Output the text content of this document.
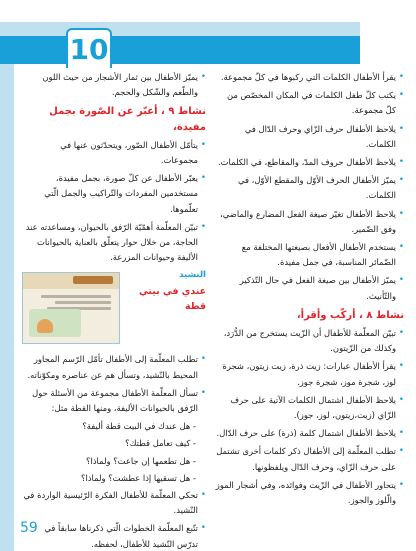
10
59
• يقرأ الأطفال الكلمات التي ركبوها في كلّ مجموعة.
• يكتب كلّ طفل الكلمات في المكان المخصّص من كلّ مجموعة.
• يلاحظ الأطفال حرف الزّاي وحرف الدّال في الكلمات.
• يلاحظ الأطفال حروف المدّ، والمقاطع، في الكلمات.
• يميّز الأطفال الحرف الأوّل والمقطع الأوّل، في الكلمات.
• يلاحظ الأطفال تغيّر صيغة الفعل المضارع والماضي، وفق الضّمير.
• يستخدم الأطفال الأفعال بصيغتها المختلفة مع الضّمائر المناسبة، في جمل مفيدة.
• يميّز الأطفال بين صيغة الفعل في حال التّذكير والتّأنيث.
نشاط ٨ ، أركّب وأقرأ،
• تبيّن المعلّمة للأطفال أن الزّيت يستخرج من الدُّرَد، وكذلك من الزّيتون.
• يقرأ الأطفال عبارات: زيت ذرة، زيت زيتون، شجرة لوز، شجرة موز، شجرة جوز.
• يلاحظ الأطفال اشتمال الكلمات الآتية على حرف الزّاي (زيت،زيتون، لوز، جوز).
• يلاحظ الأطفال اشتمال كلمة (ذرة) على حرف الدّال.
• تطلب المعلّمة إلى الأطفال ذكر كلمات أخرى تشتمل على حرف الزّاي، وحرف الدّال ويلفظونها.
• يتحاور الأطفال في الزّيت وفوائده، وفي أشجار الموز والّلوز والجوز.
• يميّز الأطفال بين ثمار الأشجار من حيث اللون والطّعم والشّكل والحجم.
نشاط ٩ ، أعبّر عن الصّورة بجمل مفيدة،
• يتأمّل الأطفال الصّور، ويتحدّثون عنها في مجموعات.
• يعبّر الأطفال عن كلّ صورة، بجمل مفيدة، مستخدمين المفردات والتّراكيب والجمل الّتي تعلّموها.
• تبيّن المعلّمة أهمّيّة الرّفق بالحيوان، ومساعدته عند الحاجة، من خلال حوار يتعلّق بالعناية بالحيوانات الأليفة وحيوانات المزرعة.
النشيد
عندي في بيتي قطة
• تطلب المعلّمة إلى الأطفال تأمّل الرّسم المجاور المحيط بالنّشيد، وتسأل هم عن عناصره ومكوّناته.
• تسأل المعلّمة الأطفال مجموعة من الأسئلة حول الرّفق بالحيوانات الأليفة، ومنها القطة مثل:
- هل عندك في البيت قطة أليفة؟
- كيف تعامل قطتك؟
- هل تطعمها إن جاعت؟ ولماذا؟
- هل تسقيها إذا عطشت؟ ولماذا؟
• تحكي المعلّمة للأطفال الفكرة الرّئيسية الواردة في النّشيد.
• تتّبع المعلّمة الخطوات الّتي ذكرناها سابقاً في تدرّس النّشيد للأطفال، لحفظه.
